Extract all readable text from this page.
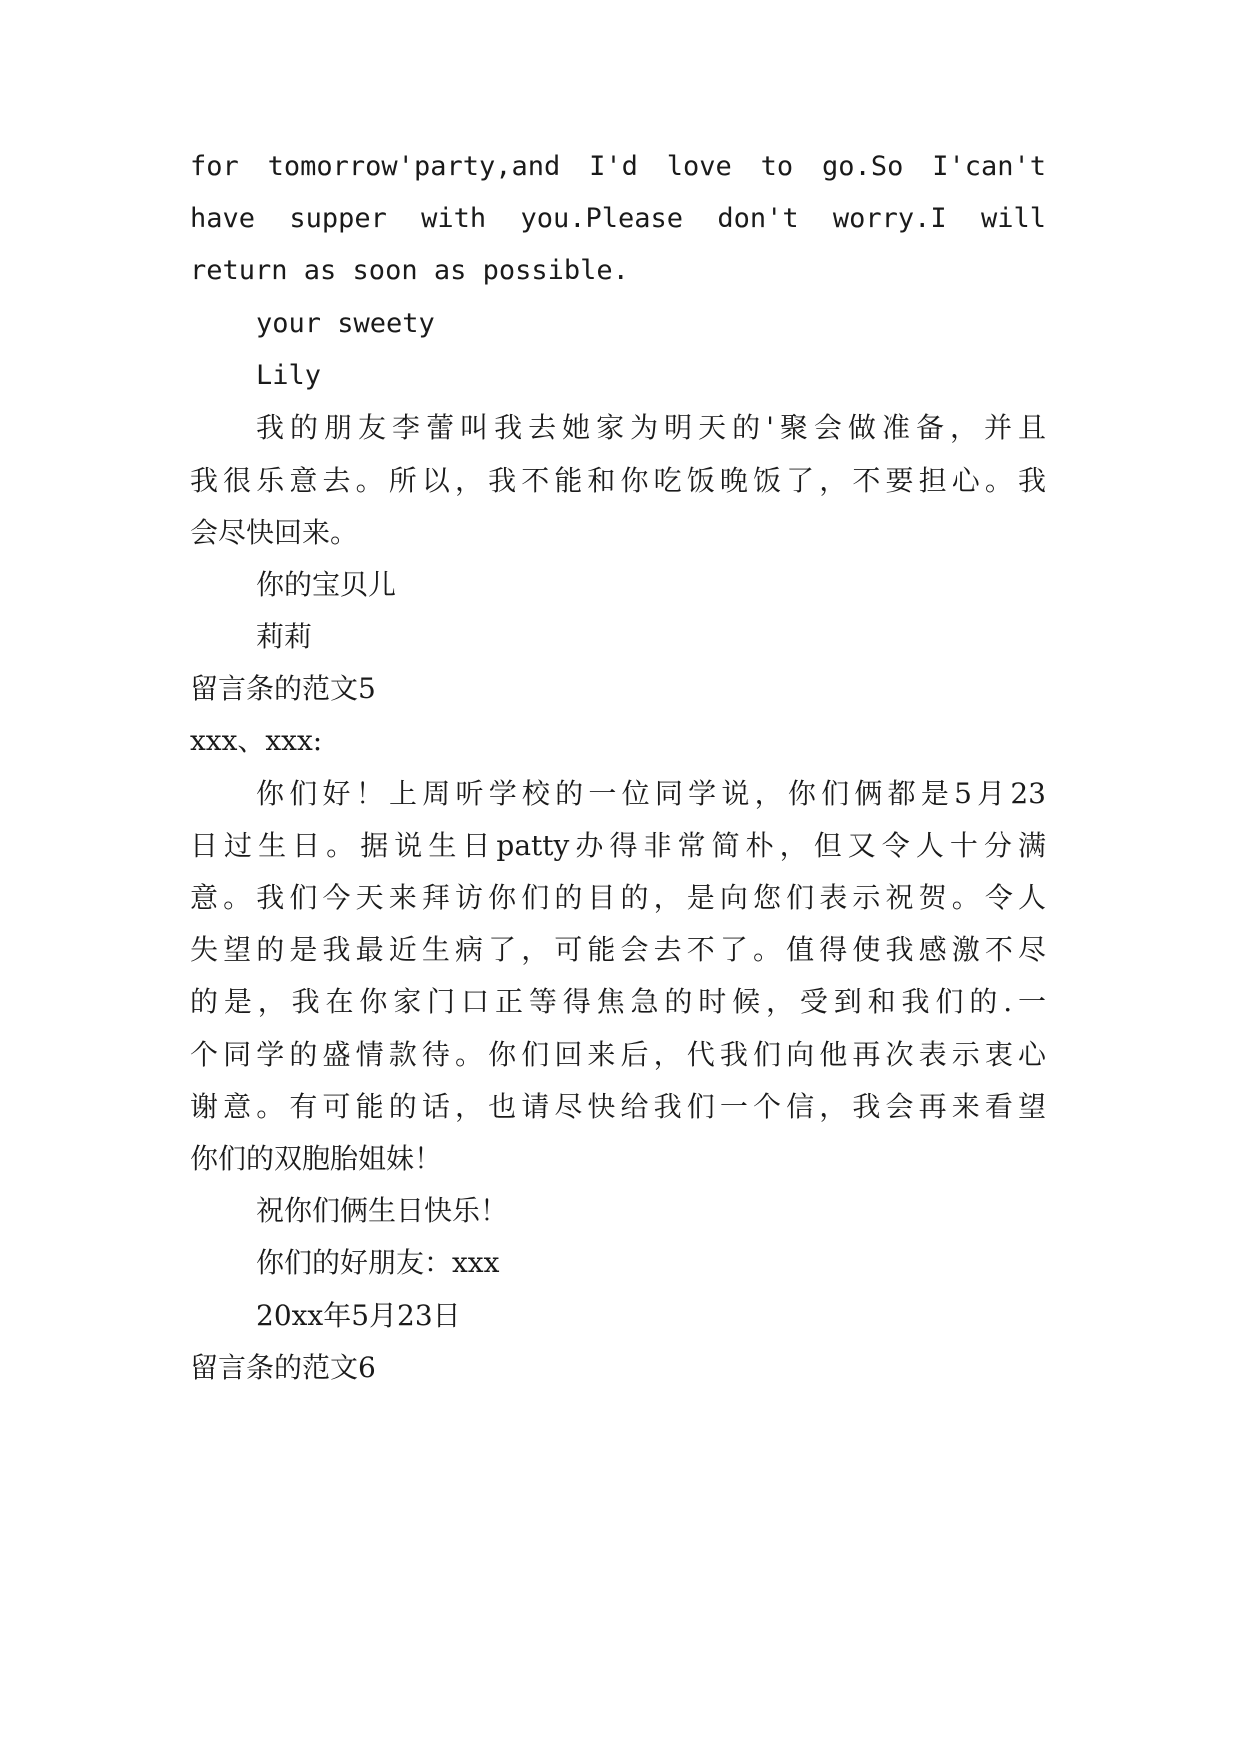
for tomorrow'party,and I'd love to go.So I'can't
have supper with you.Please don't worry.I will
return as soon as possible.
your sweety
Lily
我的朋友李蕾叫我去她家为明天的'聚会做准备，并且
我很乐意去。所以，我不能和你吃饭晚饭了，不要担心。我
会尽快回来。
你的宝贝儿
莉莉
留言条的范文5
xxx、xxx:
你们好！上周听学校的一位同学说，你们俩都是5月23
日过生日。据说生日patty办得非常简朴，但又令人十分满
意。我们今天来拜访你们的目的，是向您们表示祝贺。令人
失望的是我最近生病了，可能会去不了。值得使我感激不尽
的是，我在你家门口正等得焦急的时候，受到和我们的.一
个同学的盛情款待。你们回来后，代我们向他再次表示衷心
谢意。有可能的话，也请尽快给我们一个信，我会再来看望
你们的双胞胎姐妹！
祝你们俩生日快乐！
你们的好朋友：xxx
20xx年5月23日
留言条的范文6
